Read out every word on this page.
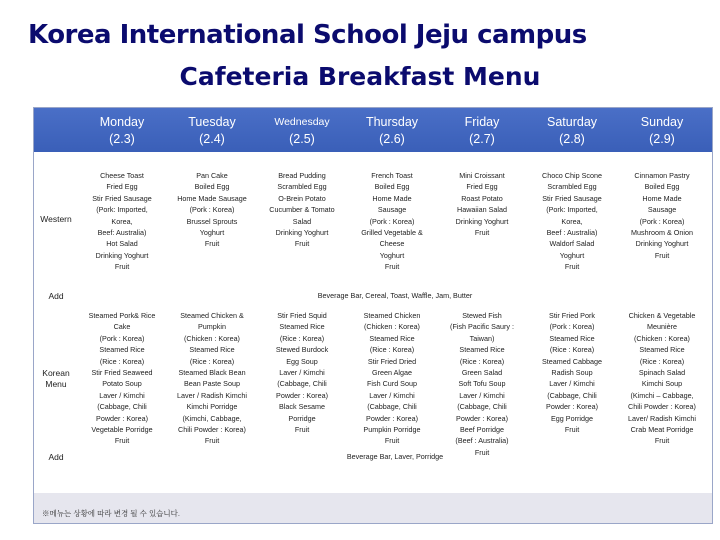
Korea International School Jeju campus
Cafeteria Breakfast Menu
Monday
(2.3)
Tuesday
(2.4)
Wednesday
(2.5)
Thursday
(2.6)
Friday
(2.7)
Saturday
(2.8)
Sunday
(2.9)
Western
Add
Korean Menu
Add
Cheese Toast
Fried Egg
Stir Fried Sausage
(Pork: Imported,
Korea,
Beef: Australia)
Hot Salad
Drinking Yoghurt
Fruit
Pan Cake
Boiled Egg
Home Made Sausage
(Pork : Korea)
Brussel Sprouts
Yoghurt
Fruit
Bread Pudding
Scrambled Egg
O-Brein Potato
Cucumber & Tomato
Salad
Drinking Yoghurt
Fruit
French Toast
Boiled Egg
Home Made
Sausage
(Pork : Korea)
Grilled Vegetable &
Cheese
Yoghurt
Fruit
Mini Croissant
Fried Egg
Roast Potato
Hawaiian Salad
Drinking Yoghurt
Fruit
Choco Chip Scone
Scrambled Egg
Stir Fried Sausage
(Pork: Imported,
Korea,
Beef : Australia)
Waldorf Salad
Yoghurt
Fruit
Cinnamon Pastry
Boiled Egg
Home Made
Sausage
(Pork : Korea)
Mushroom & Onion
Drinking Yoghurt
Fruit
Beverage Bar, Cereal, Toast, Waffle, Jam, Butter
Steamed Pork& Rice
Cake
(Pork : Korea)
Steamed Rice
(Rice : Korea)
Stir Fried Seaweed
Potato Soup
Laver / Kimchi
(Cabbage, Chili
Powder : Korea)
Vegetable Porridge
Fruit
Steamed Chicken &
Pumpkin
(Chicken : Korea)
Steamed Rice
(Rice : Korea)
Steamed Black Bean
Bean Paste Soup
Laver / Radish Kimchi
Kimchi Porridge
(Kimchi, Cabbage,
Chili Powder : Korea)
Fruit
Stir Fried Squid
Steamed Rice
(Rice : Korea)
Stewed Burdock
Egg Soup
Laver / Kimchi
(Cabbage, Chili
Powder : Korea)
Black Sesame
Porridge
Fruit
Steamed Chicken
(Chicken : Korea)
Steamed Rice
(Rice : Korea)
Stir Fried Dried
Green Algae
Fish Curd Soup
Laver / Kimchi
(Cabbage, Chili
Powder : Korea)
Pumpkin Porridge
Fruit
Stewed Fish
(Fish Pacific Saury :
Taiwan)
Steamed Rice
(Rice : Korea)
Green Salad
Soft Tofu Soup
Laver / Kimchi
(Cabbage, Chili
Powder : Korea)
Beef Porridge
(Beef : Australia)
Fruit
Stir Fried Pork
(Pork : Korea)
Steamed Rice
(Rice : Korea)
Steamed Cabbage
Radish Soup
Laver / Kimchi
(Cabbage, Chili
Powder : Korea)
Egg Porridge
Fruit
Chicken & Vegetable
Meunière
(Chicken : Korea)
Steamed Rice
(Rice : Korea)
Spinach Salad
Kimchi Soup
(Kimchi – Cabbage,
Chili Powder : Korea)
Laver/ Radish Kimchi
Crab Meat Porridge
Fruit
Beverage Bar, Laver, Porridge
※메뉴는 상황에 따라 변경 될 수 있습니다.
